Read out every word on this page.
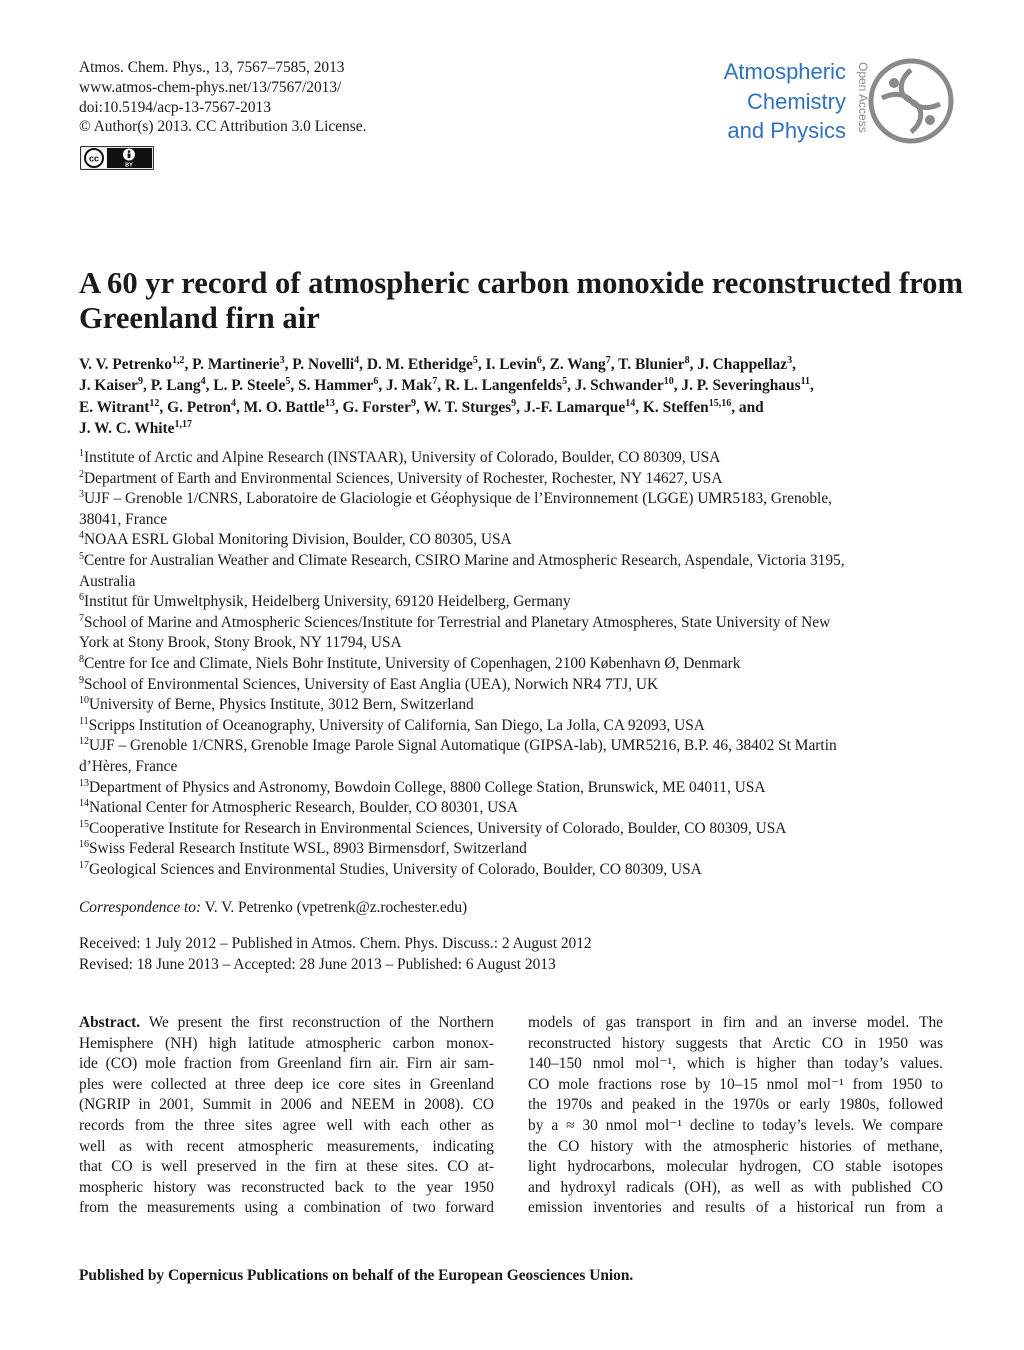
Atmos. Chem. Phys., 13, 7567–7585, 2013
www.atmos-chem-phys.net/13/7567/2013/
doi:10.5194/acp-13-7567-2013
© Author(s) 2013. CC Attribution 3.0 License.
cc
BY
Atmospheric
Chemistry
and Physics Open Access
A 60 yr record of atmospheric carbon monoxide reconstructed from
Greenland firn air
V. V. Petrenko$^{1,2}$, P. Martinerie$^3$, P. Novelli$^4$, D. M. Etheridge$^5$, I. Levin$^6$, Z. Wang$^7$, T. Blunier$^8$, J. Chappellaz$^3$,
J. Kaiser$^9$, P. Lang$^4$, L. P. Steele$^5$, S. Hammer$^6$, J. Mak$^7$, R. L. Langenfelds$^5$, J. Schwander$^{10}$, J. P. Severinghaus$^{11}$,
E. Witrant$^{12}$, G. Petron$^4$, M. O. Battle$^{13}$, G. Forster$^9$, W. T. Sturges$^9$, J.-F. Lamarque$^{14}$, K. Steffen$^{15,16}$, and
J. W. C. White$^{1,17}$
$^1$Institute of Arctic and Alpine Research (INSTAAR), University of Colorado, Boulder, CO 80309, USA
$^2$Department of Earth and Environmental Sciences, University of Rochester, Rochester, NY 14627, USA
$^3$UJF – Grenoble 1/CNRS, Laboratoire de Glaciologie et Géophysique de l’Environnement (LGGE) UMR5183, Grenoble,
38041, France
$^4$NOAA ESRL Global Monitoring Division, Boulder, CO 80305, USA
$^5$Centre for Australian Weather and Climate Research, CSIRO Marine and Atmospheric Research, Aspendale, Victoria 3195,
Australia
$^6$Institut für Umweltphysik, Heidelberg University, 69120 Heidelberg, Germany
$^7$School of Marine and Atmospheric Sciences/Institute for Terrestrial and Planetary Atmospheres, State University of New
York at Stony Brook, Stony Brook, NY 11794, USA
$^8$Centre for Ice and Climate, Niels Bohr Institute, University of Copenhagen, 2100 København Ø, Denmark
$^9$School of Environmental Sciences, University of East Anglia (UEA), Norwich NR4 7TJ, UK
$^{10}$University of Berne, Physics Institute, 3012 Bern, Switzerland
$^{11}$Scripps Institution of Oceanography, University of California, San Diego, La Jolla, CA 92093, USA
$^{12}$UJF – Grenoble 1/CNRS, Grenoble Image Parole Signal Automatique (GIPSA-lab), UMR5216, B.P. 46, 38402 St Martin
d’Hères, France
$^{13}$Department of Physics and Astronomy, Bowdoin College, 8800 College Station, Brunswick, ME 04011, USA
$^{14}$National Center for Atmospheric Research, Boulder, CO 80301, USA
$^{15}$Cooperative Institute for Research in Environmental Sciences, University of Colorado, Boulder, CO 80309, USA
$^{16}$Swiss Federal Research Institute WSL, 8903 Birmensdorf, Switzerland
$^{17}$Geological Sciences and Environmental Studies, University of Colorado, Boulder, CO 80309, USA
Correspondence to: V. V. Petrenko (vpetrenk@z.rochester.edu)
Received: 1 July 2012 – Published in Atmos. Chem. Phys. Discuss.: 2 August 2012
Revised: 18 June 2013 – Accepted: 28 June 2013 – Published: 6 August 2013
Abstract. We present the first reconstruction of the Northern
Hemisphere (NH) high latitude atmospheric carbon monox-
ide (CO) mole fraction from Greenland firn air. Firn air sam-
ples were collected at three deep ice core sites in Greenland
(NGRIP in 2001, Summit in 2006 and NEEM in 2008). CO
records from the three sites agree well with each other as
well as with recent atmospheric measurements, indicating
that CO is well preserved in the firn at these sites. CO at-
mospheric history was reconstructed back to the year 1950
from the measurements using a combination of two forward
models of gas transport in firn and an inverse model. The
reconstructed history suggests that Arctic CO in 1950 was
140–150 nmol mol⁻¹, which is higher than today’s values.
CO mole fractions rose by 10–15 nmol mol⁻¹ from 1950 to
the 1970s and peaked in the 1970s or early 1980s, followed
by a ≈ 30 nmol mol⁻¹ decline to today’s levels. We compare
the CO history with the atmospheric histories of methane,
light hydrocarbons, molecular hydrogen, CO stable isotopes
and hydroxyl radicals (OH), as well as with published CO
emission inventories and results of a historical run from a
Published by Copernicus Publications on behalf of the European Geosciences Union.
